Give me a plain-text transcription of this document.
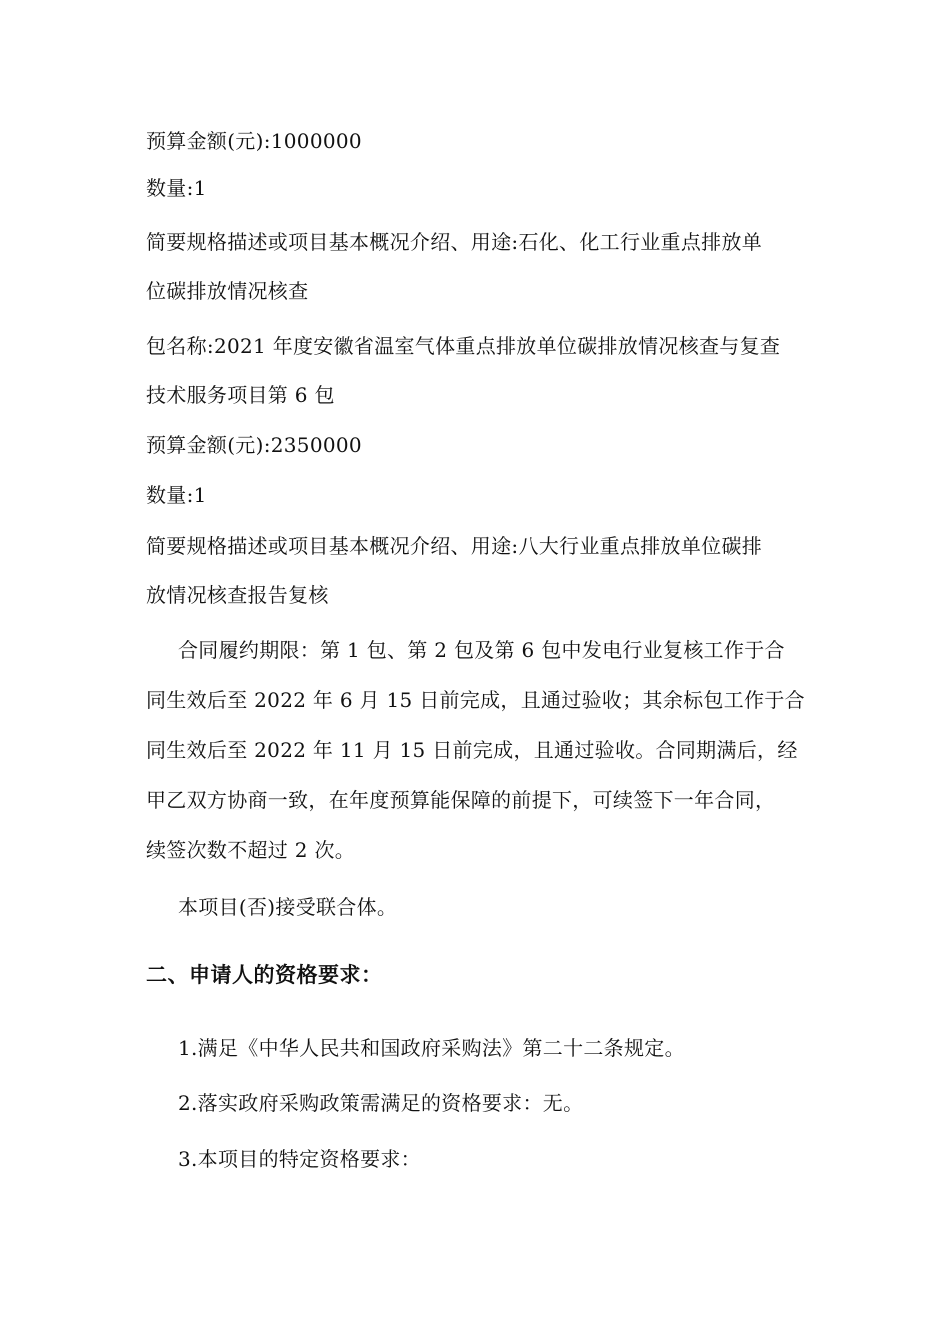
预算金额(元):1000000
数量:1
简要规格描述或项目基本概况介绍、用途:石化、化工行业重点排放单
位碳排放情况核查
包名称:2021 年度安徽省温室气体重点排放单位碳排放情况核查与复查
技术服务项目第 6 包
预算金额(元):2350000
数量:1
简要规格描述或项目基本概况介绍、用途:八大行业重点排放单位碳排
放情况核查报告复核
合同履约期限：第 1 包、第 2 包及第 6 包中发电行业复核工作于合
同生效后至 2022 年 6 月 15 日前完成，且通过验收；其余标包工作于合
同生效后至 2022 年 11 月 15 日前完成，且通过验收。合同期满后，经
甲乙双方协商一致，在年度预算能保障的前提下，可续签下一年合同，
续签次数不超过 2 次。
本项目(否)接受联合体。
二、申请人的资格要求：
1.满足《中华人民共和国政府采购法》第二十二条规定。
2.落实政府采购政策需满足的资格要求：无。
3.本项目的特定资格要求：
